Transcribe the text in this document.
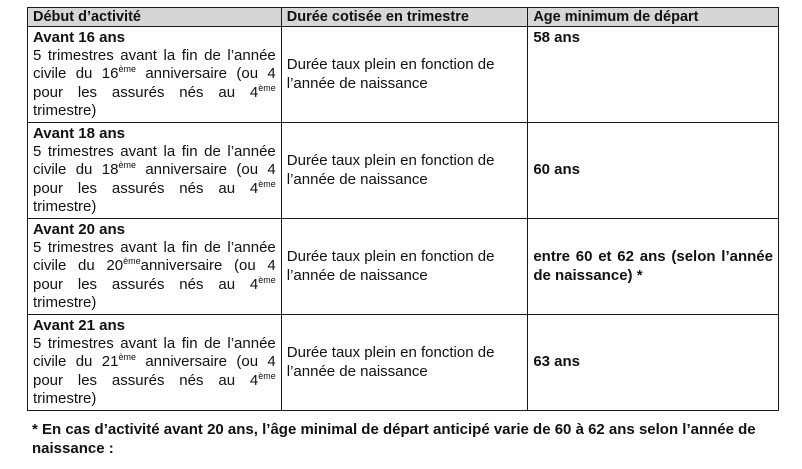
Début d’activité	Durée cotisée en trimestre	Age minimum de départ

Avant 16 ans
5 trimestres avant la fin de l’année civile du 16ème anniversaire (ou 4 pour les assurés nés au 4ème trimestre)	Durée taux plein en fonction de l’année de naissance	58 ans

Avant 18 ans
5 trimestres avant la fin de l’année civile du 18ème anniversaire (ou 4 pour les assurés nés au 4ème trimestre)	Durée taux plein en fonction de l’année de naissance	60 ans

Avant 20 ans
5 trimestres avant la fin de l’année civile du 20èmeanniversaire (ou 4 pour les assurés nés au 4ème trimestre)	Durée taux plein en fonction de l’année de naissance	entre 60 et 62 ans (selon l’année de naissance) *

Avant 21 ans
5 trimestres avant la fin de l’année civile du 21ème anniversaire (ou 4 pour les assurés nés au 4ème trimestre)	Durée taux plein en fonction de l’année de naissance	63 ans
* En cas d’activité avant 20 ans, l’âge minimal de départ anticipé varie de 60 à 62 ans selon l’année de naissance :
